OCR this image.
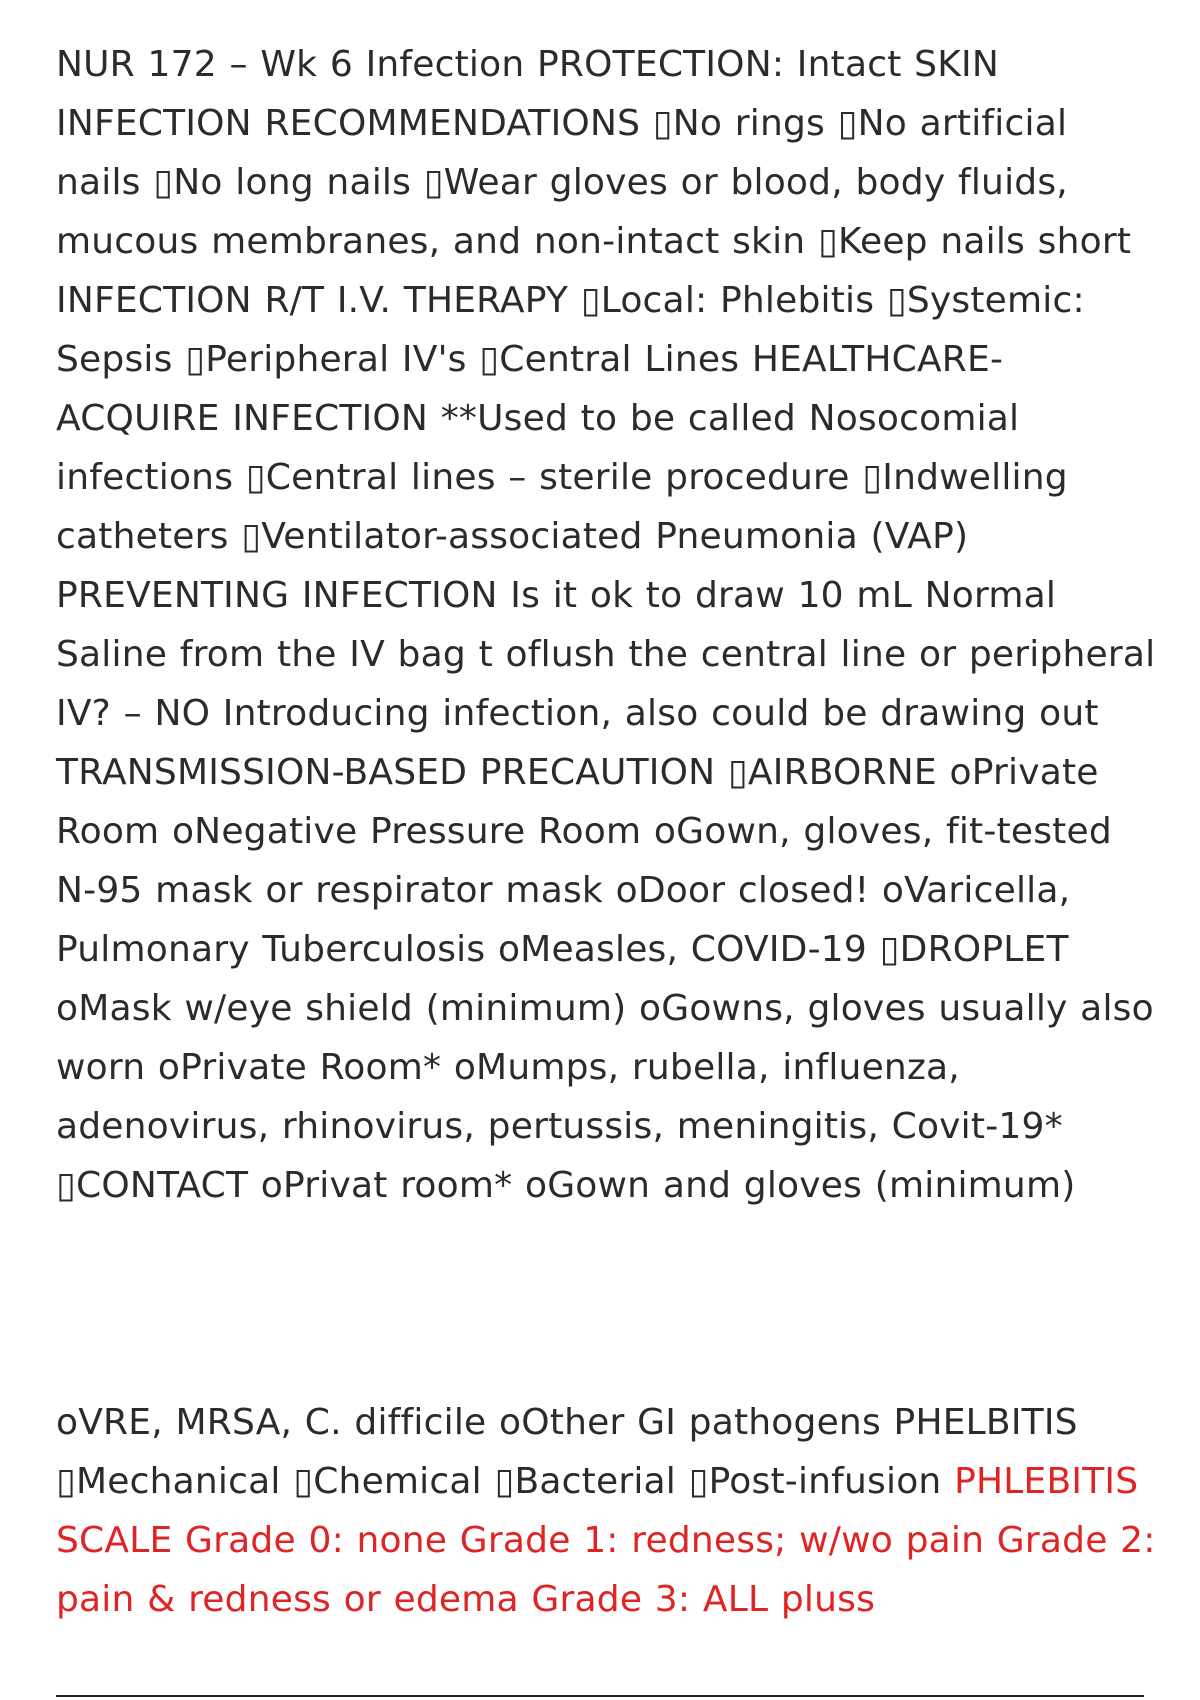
NUR 172 – Wk 6 Infection PROTECTION: Intact SKIN INFECTION RECOMMENDATIONS ▯No rings ▯No artificial nails ▯No long nails ▯Wear gloves or blood, body fluids, mucous membranes, and non-intact skin ▯Keep nails short INFECTION R/T I.V. THERAPY ▯Local: Phlebitis ▯Systemic: Sepsis ▯Peripheral IV's ▯Central Lines HEALTHCARE-ACQUIRE INFECTION **Used to be called Nosocomial infections ▯Central lines – sterile procedure ▯Indwelling catheters ▯Ventilator-associated Pneumonia (VAP) PREVENTING INFECTION Is it ok to draw 10 mL Normal Saline from the IV bag t oflush the central line or peripheral IV? – NO Introducing infection, also could be drawing out TRANSMISSION-BASED PRECAUTION ▯AIRBORNE oPrivate Room oNegative Pressure Room oGown, gloves, fit-tested N-95 mask or respirator mask oDoor closed! oVaricella, Pulmonary Tuberculosis oMeasles, COVID-19 ▯DROPLET oMask w/eye shield (minimum) oGowns, gloves usually also worn oPrivate Room* oMumps, rubella, influenza, adenovirus, rhinovirus, pertussis, meningitis, Covit-19* ▯CONTACT oPrivat room* oGown and gloves (minimum)

oVRE, MRSA, C. difficile oOther GI pathogens PHELBITIS ▯Mechanical ▯Chemical ▯Bacterial ▯Post-infusion PHLEBITIS SCALE Grade 0: none Grade 1: redness; w/wo pain Grade 2: pain & redness or edema Grade 3: ALL pluss
